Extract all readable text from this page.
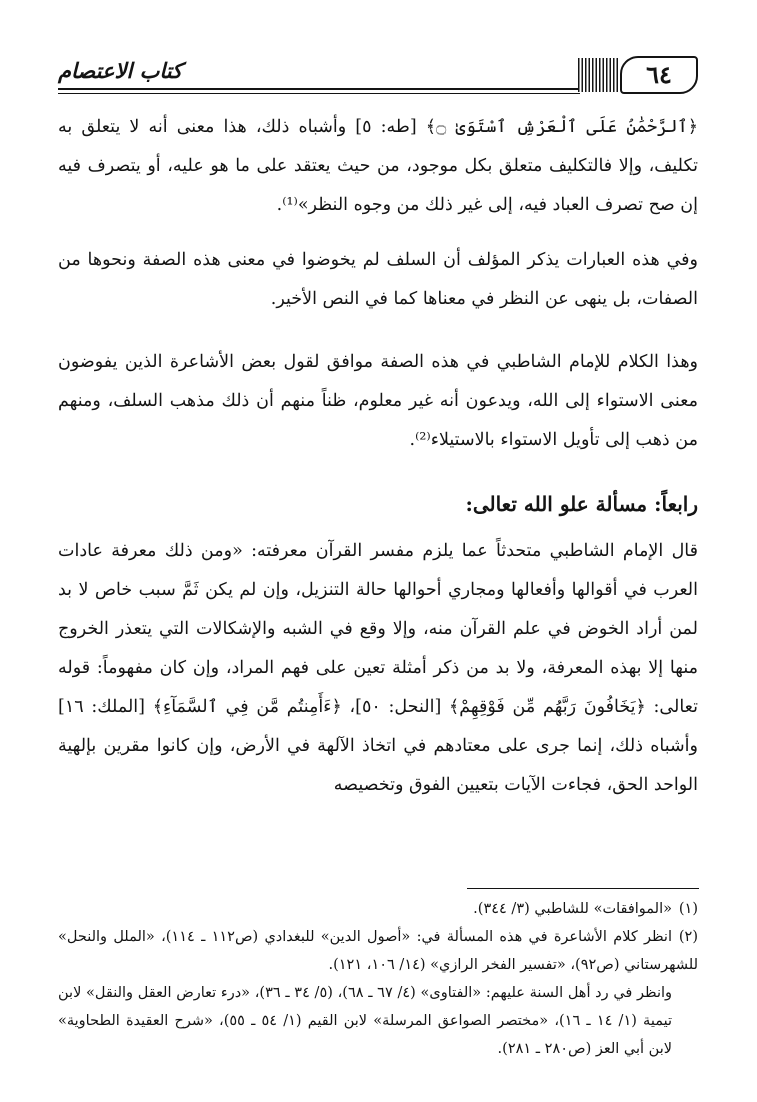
كتاب الاعتصام	٦٤

﴿ٱلرَّحْمَٰنُ عَلَى ٱلْعَرْشِ ٱسْتَوَىٰ ۝﴾ [طه: ٥] وأشباه ذلك، هذا معنى أنه لا يتعلق به تكليف، وإلا فالتكليف متعلق بكل موجود، من حيث يعتقد على ما هو عليه، أو يتصرف فيه إن صح تصرف العباد فيه، إلى غير ذلك من وجوه النظر»⁽¹⁾.

وفي هذه العبارات يذكر المؤلف أن السلف لم يخوضوا في معنى هذه الصفة ونحوها من الصفات، بل ينهى عن النظر في معناها كما في النص الأخير.

وهذا الكلام للإمام الشاطبي في هذه الصفة موافق لقول بعض الأشاعرة الذين يفوضون معنى الاستواء إلى الله، ويدعون أنه غير معلوم، ظناً منهم أن ذلك مذهب السلف، ومنهم من ذهب إلى تأويل الاستواء بالاستيلاء⁽²⁾.

رابعاً: مسألة علو الله تعالى:

قال الإمام الشاطبي متحدثاً عما يلزم مفسر القرآن معرفته: «ومن ذلك معرفة عادات العرب في أقوالها وأفعالها ومجاري أحوالها حالة التنزيل، وإن لم يكن ثَمَّ سبب خاص لا بد لمن أراد الخوض في علم القرآن منه، وإلا وقع في الشبه والإشكالات التي يتعذر الخروج منها إلا بهذه المعرفة، ولا بد من ذكر أمثلة تعين على فهم المراد، وإن كان مفهوماً: قوله تعالى: ﴿يَخَافُونَ رَبَّهُم مِّن فَوْقِهِمْ﴾ [النحل: ٥٠]، ﴿ءَأَمِنتُم مَّن فِي ٱلسَّمَآءِ﴾ [الملك: ١٦] وأشباه ذلك، إنما جرى على معتادهم في اتخاذ الآلهة في الأرض، وإن كانوا مقرين بإلهية الواحد الحق، فجاءت الآيات بتعيين الفوق وتخصيصه

(١)«الموافقات» للشاطبي (٣/ ٣٤٤).

(٢)انظر كلام الأشاعرة في هذه المسألة في: «أصول الدين» للبغدادي (ص١١٢ ـ ١١٤)، «الملل والنحل» للشهرستاني (ص٩٢)، «تفسير الفخر الرازي» (١٤/ ١٠٦، ١٢١).

وانظر في رد أهل السنة عليهم: «الفتاوى» (٤/ ٦٧ ـ ٦٨)، (٥/ ٣٤ ـ ٣٦)، «درء تعارض العقل والنقل» لابن تيمية (١/ ١٤ ـ ١٦)، «مختصر الصواعق المرسلة» لابن القيم (١/ ٥٤ ـ ٥٥)، «شرح العقيدة الطحاوية» لابن أبي العز (ص٢٨٠ ـ ٢٨١).
